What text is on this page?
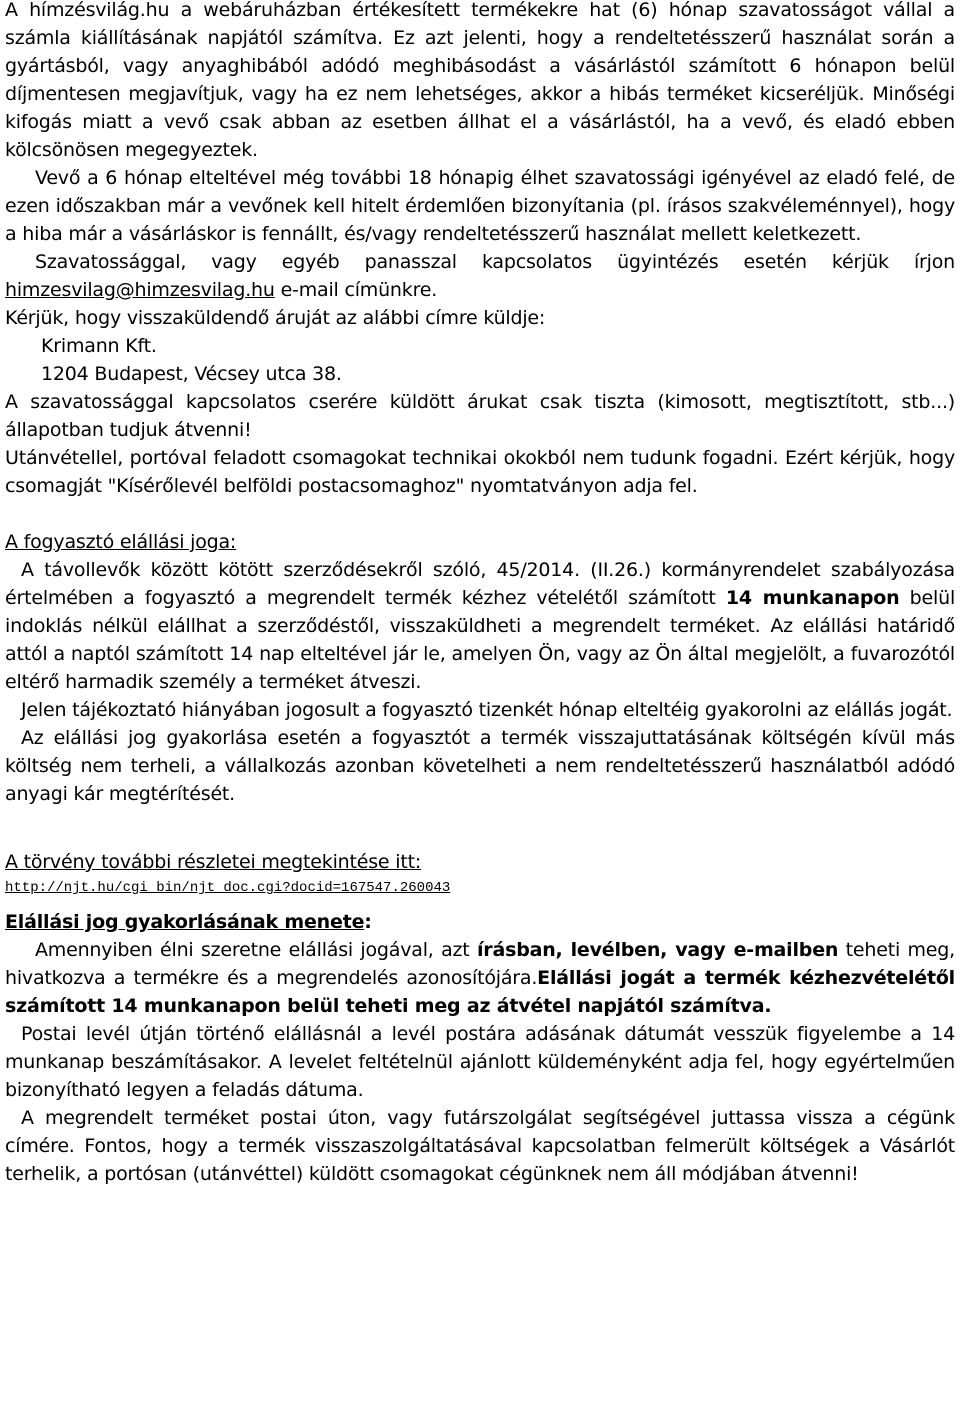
A hímzésvilág.hu a webáruházban értékesített termékekre hat (6) hónap szavatosságot vállal a számla kiállításának napjától számítva. Ez azt jelenti, hogy a rendeltetésszerű használat során a gyártásból, vagy anyaghibából adódó meghibásodást a vásárlástól számított 6 hónapon belül díjmentesen megjavítjuk, vagy ha ez nem lehetséges, akkor a hibás terméket kicseréljük. Minőségi kifogás miatt a vevő csak abban az esetben állhat el a vásárlástól, ha a vevő, és eladó ebben kölcsönösen megegyeztek.

Vevő a 6 hónap elteltével még további 18 hónapig élhet szavatossági igényével az eladó felé, de ezen időszakban már a vevőnek kell hitelt érdemlően bizonyítania (pl. írásos szakvéleménnyel), hogy a hiba már a vásárláskor is fennállt, és/vagy rendeltetésszerű használat mellett keletkezett.

Szavatossággal, vagy egyéb panasszal kapcsolatos ügyintézés esetén kérjük írjon himzesvilag@himzesvilag.hu e-mail címünkre.

Kérjük, hogy visszaküldendő áruját az alábbi címre küldje:

Krimann Kft.

1204 Budapest, Vécsey utca 38.

A szavatossággal kapcsolatos cserére küldött árukat csak tiszta (kimosott, megtisztított, stb...) állapotban tudjuk átvenni!

Utánvétellel, portóval feladott csomagokat technikai okokból nem tudunk fogadni. Ezért kérjük, hogy csomagját "Kísérőlevél belföldi postacsomaghoz" nyomtatványon adja fel.

A fogyasztó elállási joga:

A távollevők között kötött szerződésekről szóló, 45/2014. (II.26.) kormányrendelet szabályozása értelmében a fogyasztó a megrendelt termék kézhez vételétől számított 14 munkanapon belül indoklás nélkül elállhat a szerződéstől, visszaküldheti a megrendelt terméket. Az elállási határidő attól a naptól számított 14 nap elteltével jár le, amelyen Ön, vagy az Ön által megjelölt, a fuvarozótól eltérő harmadik személy a terméket átveszi.

Jelen tájékoztató hiányában jogosult a fogyasztó tizenkét hónap elteltéig gyakorolni az elállás jogát.

Az elállási jog gyakorlása esetén a fogyasztót a termék visszajuttatásának költségén kívül más költség nem terheli, a vállalkozás azonban követelheti a nem rendeltetésszerű használatból adódó anyagi kár megtérítését.

A törvény további részletei megtekintése itt:

http://njt.hu/cgi_bin/njt_doc.cgi?docid=167547.260043

Elállási jog gyakorlásának menete:

Amennyiben élni szeretne elállási jogával, azt írásban, levélben, vagy e-mailben teheti meg, hivatkozva a termékre és a megrendelés azonosítójára.Elállási jogát a termék kézhezvételétől számított 14 munkanapon belül teheti meg az átvétel napjától számítva.

Postai levél útján történő elállásnál a levél postára adásának dátumát vesszük figyelembe a 14 munkanap beszámításakor. A levelet feltételnül ajánlott küldeményként adja fel, hogy egyértelműen bizonyítható legyen a feladás dátuma.

A megrendelt terméket postai úton, vagy futárszolgálat segítségével juttassa vissza a cégünk címére. Fontos, hogy a termék visszaszolgáltatásával kapcsolatban felmerült költségek a Vásárlót terhelik, a portósan (utánvéttel) küldött csomagokat cégünknek nem áll módjában átvenni!
